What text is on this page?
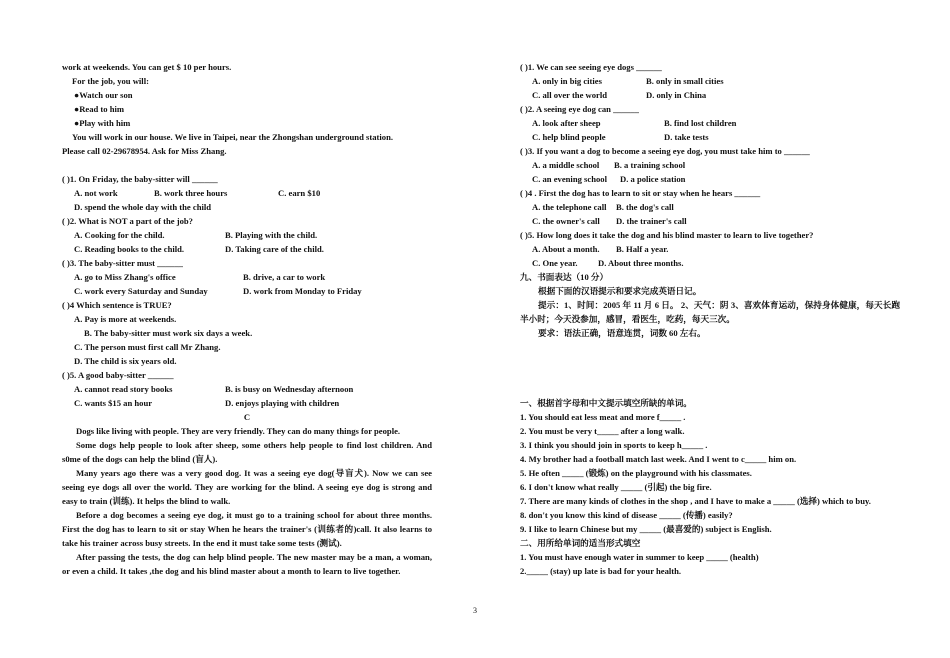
work at weekends. You can get $ 10 per hours.
For the job, you will:
●Watch our son
●Read to him
●Play with him
You will work in our house. We live in Taipei, near the Zhongshan underground station.
Please call 02-29678954. Ask for Miss Zhang.
( )1. On Friday, the baby-sitter will ______
A. not work	B. work three hours	C. earn $10
D. spend the whole day with the child
( )2. What is NOT a part of the job?
A. Cooking for the child.	B. Playing with the child.
C. Reading books to the child.	D. Taking care of the child.
( )3. The baby-sitter must ______
A. go to Miss Zhang's office	B. drive, a car to work
C. work every Saturday and Sunday	D. work from Monday to Friday
( )4 Which sentence is TRUE?
A. Pay is more at weekends.
B. The baby-sitter must work six days a week.
C. The person must first call Mr Zhang.
D. The child is six years old.
( )5. A good baby-sitter ______
A. cannot read story books	B. is busy on Wednesday afternoon
C. wants $15 an hour	D. enjoys playing with children
C
Dogs like living with people. They are very friendly. They can do many things for people.
Some dogs help people to look after sheep, some others help people to find lost children. And s0me of the dogs can help the blind (盲人).
Many years ago there was a very good dog. It was a seeing eye dog(导盲犬). Now we can see seeing eye dogs all over the world. They are working for the blind. A seeing eye dog is strong and easy to train (训练). It helps the blind to walk.
Before a dog becomes a seeing eye dog, it must go to a training school for about three months. First the dog has to learn to sit or stay When he hears the trainer's (训练者的)call. It also learns to take his trainer across busy streets. In the end it must take some tests (测试).
After passing the tests, the dog can help blind people. The new master may be a man, a woman, or even a child. It takes ,the dog and his blind master about a month to learn to live together.
( )1. We can see seeing eye dogs ______
A. only in big cities	B. only in small cities
C. all over the world	D. only in China
( )2. A seeing eye dog can ______
A. look after sheep	B. find lost children
C. help blind people	D. take tests
( )3. If you want a dog to become a seeing eye dog, you must take him to ______
A. a middle school	B. a training school
C. an evening school	D. a police station
( )4 . First the dog has to learn to sit or stay when he hears ______
A. the telephone call	B. the dog's call
C. the owner's call	D. the trainer's call
( )5. How long does it take the dog and his blind master to learn to live together?
A. About a month.	B. Half a year.
C. One year.	D. About three months.
九、书面表达（10 分）
根据下面的汉语提示和要求完成英语日记。
提示：1、时间：2005 年 11 月 6 日。 2、天气：阴 3、喜欢体育运动，保持身体健康，每天长跑半小时；今天没参加，感冒，看医生，吃药，每天三次。
要求：语法正确，语意连贯，词数 60 左右。
一、根据首字母和中文提示填空所缺的单词。
1. You should eat less meat and more f_____ .
2. You must be very t_____ after a long walk.
3. I think you should join in sports to keep h_____ .
4. My brother had a football match last week. And I went to c_____ him on.
5. He often _____ (锻炼) on the playground with his classmates.
6. I don't know what really _____ (引起) the big fire.
7. There are many kinds of clothes in the shop , and I have to make a _____ (选择) which to buy.
8. don't you know this kind of disease _____ (传播) easily?
9. I like to learn Chinese but my _____ (最喜爱的) subject is English.
二、用所给单词的适当形式填空
1. You must have enough water in summer to keep _____ (health)
2._____ (stay) up late is bad for your health.
3
